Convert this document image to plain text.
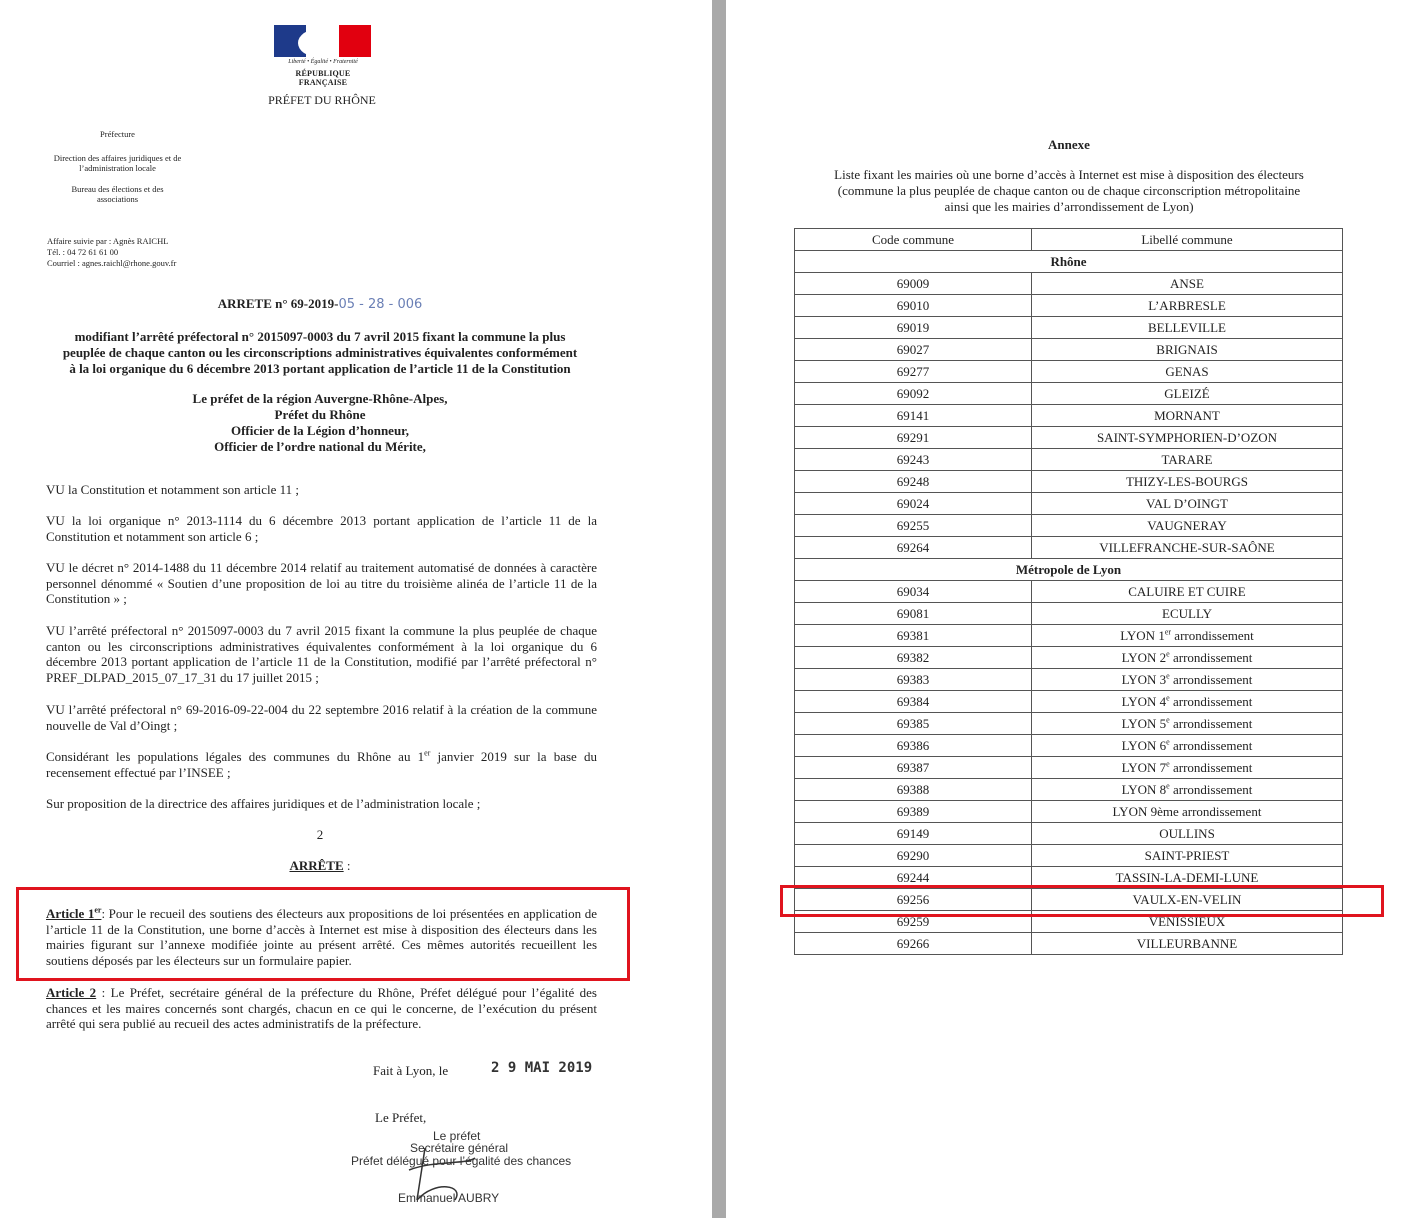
Liberté • Égalité • Fraternité
RÉPUBLIQUE FRANÇAISE
PRÉFET DU RHÔNE
Préfecture
Direction des affaires juridiques et de
l’administration locale
Bureau des élections et des
associations
Affaire suivie par : Agnès RAICHL
Tél. : 04 72 61 61 00
Courriel : agnes.raichl@rhone.gouv.fr
ARRETE n° 69-2019-05 - 28 - 006
modifiant l’arrêté préfectoral n° 2015097-0003 du 7 avril 2015 fixant la commune la plus
peuplée de chaque canton ou les circonscriptions administratives équivalentes conformément
à la loi organique du 6 décembre 2013 portant application de l’article 11 de la Constitution
Le préfet de la région Auvergne-Rhône-Alpes,
Préfet du Rhône
Officier de la Légion d’honneur,
Officier de l’ordre national du Mérite,

VU la Constitution et notamment son article 11 ;

VU la loi organique n° 2013-1114 du 6 décembre 2013 portant application de l’article 11 de la Constitution et notamment son article 6 ;

VU le décret n° 2014-1488 du 11 décembre 2014 relatif au traitement automatisé de données à caractère personnel dénommé « Soutien d’une proposition de loi au titre du troisième alinéa de l’article 11 de la Constitution » ;

VU l’arrêté préfectoral n° 2015097-0003 du 7 avril 2015 fixant la commune la plus peuplée de chaque canton ou les circonscriptions administratives équivalentes conformément à la loi organique du 6 décembre 2013 portant application de l’article 11 de la Constitution, modifié par l’arrêté préfectoral n° PREF_DLPAD_2015_07_17_31 du 17 juillet 2015 ;

VU l’arrêté préfectoral n° 69-2016-09-22-004 du 22 septembre 2016 relatif à la création de la commune nouvelle de Val d’Oingt ;

Considérant les populations légales des communes du Rhône au 1er janvier 2019 sur la base du recensement effectué par l’INSEE ;

Sur proposition de la directrice des affaires juridiques et de l’administration locale ;

2
ARRÊTE :

Article 1er: Pour le recueil des soutiens des électeurs aux propositions de loi présentées en application de l’article 11 de la Constitution, une borne d’accès à Internet est mise à disposition des électeurs dans les mairies figurant sur l’annexe modifiée jointe au présent arrêté. Ces mêmes autorités recueillent les soutiens déposés par les électeurs sur un formulaire papier.

Article 2 : Le Préfet, secrétaire général de la préfecture du Rhône, Préfet délégué pour l’égalité des chances et les maires concernés sont chargés, chacun en ce qui le concerne, de l’exécution du présent arrêté qui sera publié au recueil des actes administratifs de la préfecture.

Fait à Lyon, le	2 9 MAI 2019
Le Préfet,
Le préfet
Secrétaire général
Préfet délégué pour l’égalité des chances
Emmanuel AUBRY
Annexe
Liste fixant les mairies où une borne d’accès à Internet est mise à disposition des électeurs
(commune la plus peuplée de chaque canton ou de chaque circonscription métropolitaine
ainsi que les mairies d’arrondissement de Lyon)
Code commune	Libellé commune
Rhône	
69009	ANSE
69010	L’ARBRESLE
69019	BELLEVILLE
69027	BRIGNAIS
69277	GENAS
69092	GLEIZÉ
69141	MORNANT
69291	SAINT-SYMPHORIEN-D’OZON
69243	TARARE
69248	THIZY-LES-BOURGS
69024	VAL D’OINGT
69255	VAUGNERAY
69264	VILLEFRANCHE-SUR-SAÔNE
Métropole de Lyon	
69034	CALUIRE ET CUIRE
69081	ECULLY
69381	LYON 1er arrondissement
69382	LYON 2e arrondissement
69383	LYON 3e arrondissement
69384	LYON 4e arrondissement
69385	LYON 5e arrondissement
69386	LYON 6e arrondissement
69387	LYON 7e arrondissement
69388	LYON 8e arrondissement
69389	LYON 9ème arrondissement
69149	OULLINS
69290	SAINT-PRIEST
69244	TASSIN-LA-DEMI-LUNE
69256	VAULX-EN-VELIN
69259	VENISSIEUX
69266	VILLEURBANNE
